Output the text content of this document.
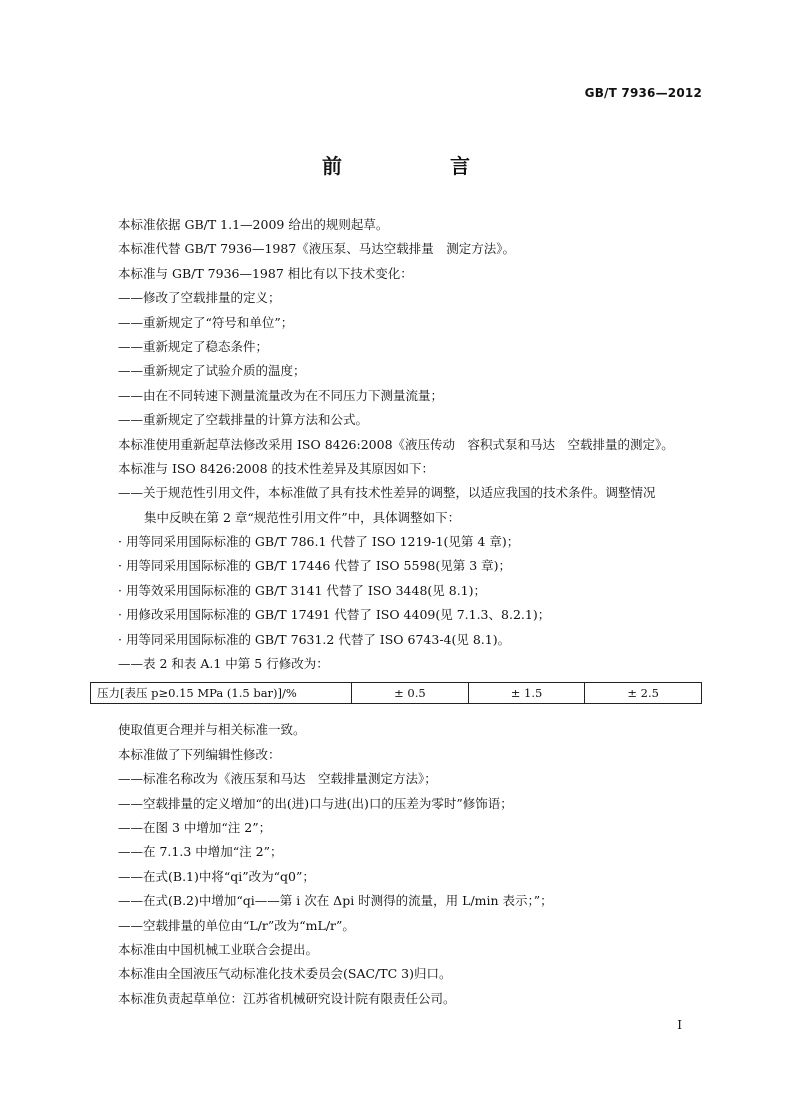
GB/T 7936—2012
前　言
本标准依据 GB/T 1.1—2009 给出的规则起草。
本标准代替 GB/T 7936—1987《液压泵、马达空载排量　测定方法》。
本标准与 GB/T 7936—1987 相比有以下技术变化：
——修改了空载排量的定义；
——重新规定了“符号和单位”；
——重新规定了稳态条件；
——重新规定了试验介质的温度；
——由在不同转速下测量流量改为在不同压力下测量流量；
——重新规定了空载排量的计算方法和公式。
本标准使用重新起草法修改采用 ISO 8426:2008《液压传动　容积式泵和马达　空载排量的测定》。
本标准与 ISO 8426:2008 的技术性差异及其原因如下：
——关于规范性引用文件，本标准做了具有技术性差异的调整，以适应我国的技术条件。调整情况
集中反映在第 2 章“规范性引用文件”中，具体调整如下：
· 用等同采用国际标准的 GB/T 786.1 代替了 ISO 1219-1(见第 4 章)；
· 用等同采用国际标准的 GB/T 17446 代替了 ISO 5598(见第 3 章)；
· 用等效采用国际标准的 GB/T 3141 代替了 ISO 3448(见 8.1)；
· 用修改采用国际标准的 GB/T 17491 代替了 ISO 4409(见 7.1.3、8.2.1)；
· 用等同采用国际标准的 GB/T 7631.2 代替了 ISO 6743-4(见 8.1)。
——表 2 和表 A.1 中第 5 行修改为：
压力[表压 p≥0.15 MPa (1.5 bar)]/%	± 0.5	± 1.5	± 2.5
使取值更合理并与相关标准一致。
本标准做了下列编辑性修改：
——标准名称改为《液压泵和马达　空载排量测定方法》；
——空载排量的定义增加“的出(进)口与进(出)口的压差为零时”修饰语；
——在图 3 中增加“注 2”；
——在 7.1.3 中增加“注 2”；
——在式(B.1)中将“qi”改为“q0”；
——在式(B.2)中增加“qi——第 i 次在 Δpi 时测得的流量，用 L/min 表示；”；
——空载排量的单位由“L/r”改为“mL/r”。
本标准由中国机械工业联合会提出。
本标准由全国液压气动标准化技术委员会(SAC/TC 3)归口。
本标准负责起草单位：江苏省机械研究设计院有限责任公司。
I
